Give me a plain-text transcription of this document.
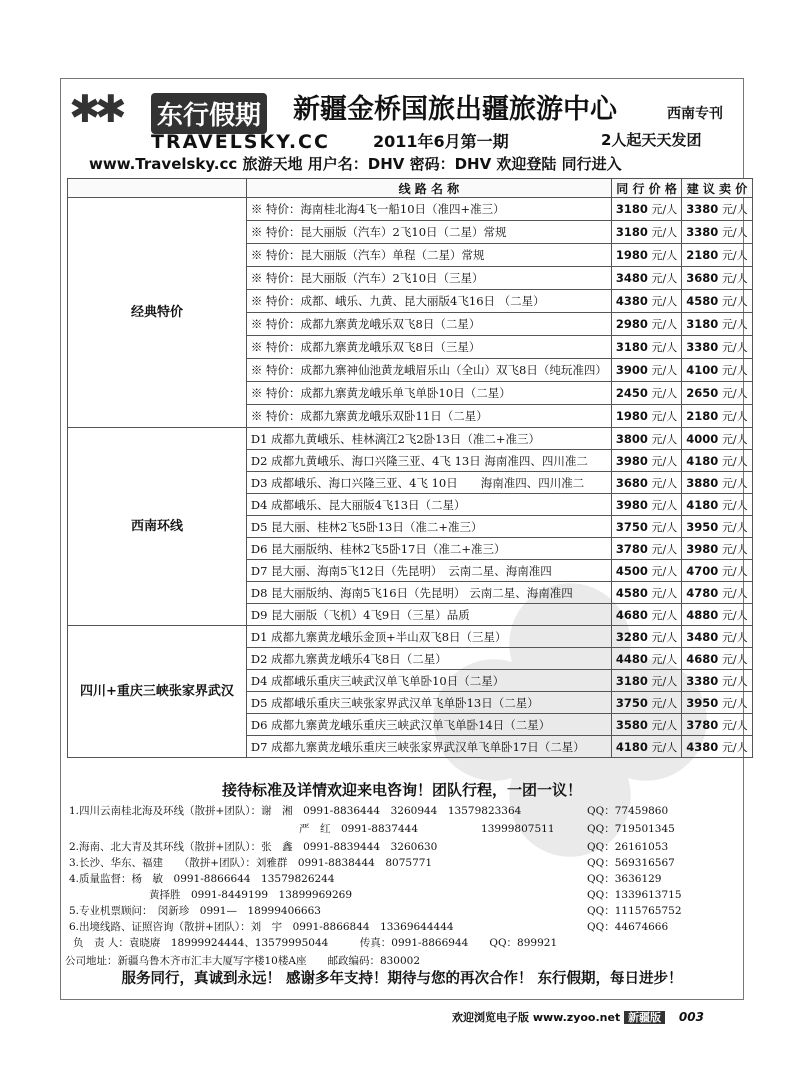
✱✱ 东行假期
TRAVELSKY.CC
新疆金桥国旅出疆旅游中心	西南专刊
2011年6月第一期	2人起天天发团
www.Travelsky.cc 旅游天地 用户名：DHV 密码：DHV 欢迎登陆 同行进入
	线 路 名 称	同 行 价 格	建 议 卖 价
经典特价	※ 特价：海南桂北海4飞一船10日（准四+准三）	3180 元/人	3380 元/人
	※ 特价：昆大丽版（汽车）2飞10日（二星）常规	3180 元/人	3380 元/人
	※ 特价：昆大丽版（汽车）单程（二星）常规	1980 元/人	2180 元/人
	※ 特价：昆大丽版（汽车）2飞10日（三星）	3480 元/人	3680 元/人
	※ 特价：成都、峨乐、九黄、昆大丽版4飞16日 （二星）	4380 元/人	4580 元/人
	※ 特价：成都九寨黄龙峨乐双飞8日（二星）	2980 元/人	3180 元/人
	※ 特价：成都九寨黄龙峨乐双飞8日（三星）	3180 元/人	3380 元/人
	※ 特价：成都九寨神仙池黄龙峨眉乐山（全山）双飞8日（纯玩准四）	3900 元/人	4100 元/人
	※ 特价：成都九寨黄龙峨乐单飞单卧10日（二星）	2450 元/人	2650 元/人
	※ 特价：成都九寨黄龙峨乐双卧11日（二星）	1980 元/人	2180 元/人
西南环线	D1 成都九黄峨乐、桂林漓江2飞2卧13日（准二+准三）	3800 元/人	4000 元/人
	D2 成都九黄峨乐、海口兴隆三亚、4飞 13日 海南准四、四川准二	3980 元/人	4180 元/人
	D3 成都峨乐、海口兴隆三亚、4飞 10日　　海南准四、四川准二	3680 元/人	3880 元/人
	D4 成都峨乐、昆大丽版4飞13日（二星）	3980 元/人	4180 元/人
	D5 昆大丽、桂林2飞5卧13日（准二+准三）	3750 元/人	3950 元/人
	D6 昆大丽版纳、桂林2飞5卧17日（准二+准三）	3780 元/人	3980 元/人
	D7 昆大丽、海南5飞12日（先昆明）　云南二星、海南准四	4500 元/人	4700 元/人
	D8 昆大丽版纳、海南5飞16日（先昆明） 云南二星、海南准四	4580 元/人	4780 元/人
	D9 昆大丽版（飞机）4飞9日（三星）品质	4680 元/人	4880 元/人
四川+重庆三峡张家界武汉	D1 成都九寨黄龙峨乐金顶+半山双飞8日（三星）	3280 元/人	3480 元/人
	D2 成都九寨黄龙峨乐4飞8日（二星）	4480 元/人	4680 元/人
	D4 成都峨乐重庆三峡武汉单飞单卧10日（二星）	3180 元/人	3380 元/人
	D5 成都峨乐重庆三峡张家界武汉单飞单卧13日（二星）	3750 元/人	3950 元/人
	D6 成都九寨黄龙峨乐重庆三峡武汉单飞单卧14日（二星）	3580 元/人	3780 元/人
	D7 成都九寨黄龙峨乐重庆三峡张家界武汉单飞单卧17日（二星）	4180 元/人	4380 元/人
接待标准及详情欢迎来电咨询！团队行程，一团一议！
1.四川云南桂北海及环线（散拼+团队）：谢　湘　0991-8836444　3260944　13579823364	QQ：77459860
严　红　0991-8837444　　　　　　13999807511	QQ：719501345
2.海南、北大青及其环线（散拼+团队）：张　鑫　0991-8839444　3260630	QQ：26161053
3.长沙、华东、福建　　（散拼+团队）：刘雅群　0991-8838444　8075771	QQ：569316567
4.质量监督：杨　敏　0991-8866644　13579826244	QQ：3636129
黄择胜　0991-8449199　13899969269	QQ：1339613715
5.专业机票顾问：　闵新珍　0991—　18999406663	QQ：1115765752
6.出境线路、证照咨询（散拼+团队）：刘　宇　0991-8866844　13369644444	QQ：44674666
负　责 人：袁晓赓　18999924444、13579995044　　　传真：0991-8866944　　QQ：899921
公司地址：新疆乌鲁木齐市汇丰大厦写字楼10楼A座　　邮政编码：830002
服务同行，真诚到永远！ 感谢多年支持！期待与您的再次合作！ 东行假期，每日进步！
欢迎浏览电子版 www.zyoo.net 新疆版 003
